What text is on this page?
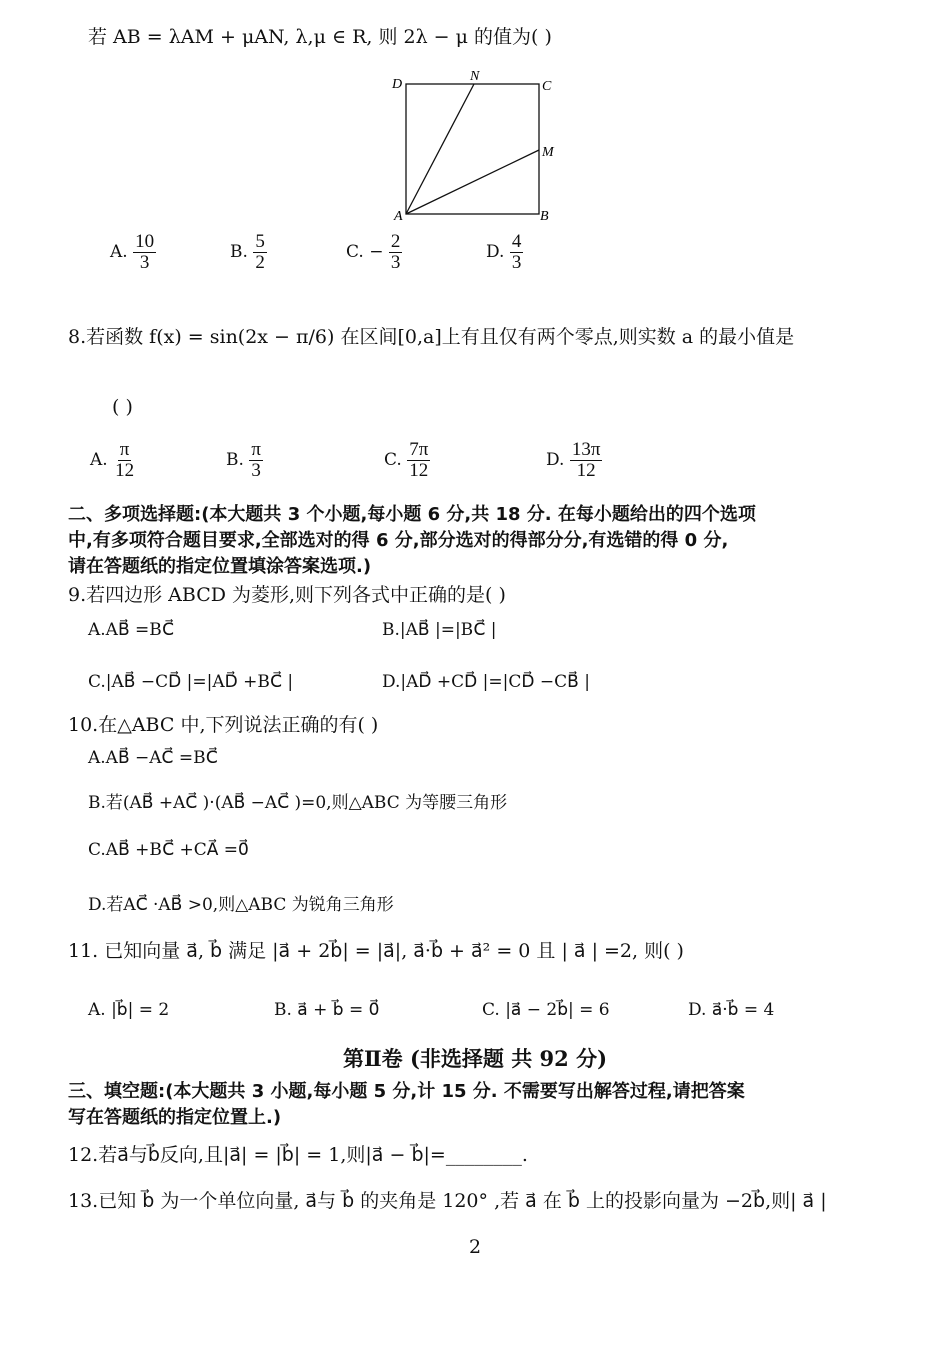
若 AB = λAM + μAN, λ,μ ∈ R, 则 2λ − μ 的值为( )
D
N
C
M
A	B
A. $\frac{10}{3}$	B. $\frac{5}{2}$	C. − $\frac{2}{3}$	D. $\frac{4}{3}$
8.若函数 f(x) = sin(2x − π/6) 在区间[0,a]上有且仅有两个零点,则实数 a 的最小值是
( )
A. $\frac{\pi}{12}$	B. $\frac{\pi}{3}$	C. $\frac{7\pi}{12}$	D. $\frac{13\pi}{12}$
二、多项选择题:(本大题共 3 个小题,每小题 6 分,共 18 分. 在每小题给出的四个选项
中,有多项符合题目要求,全部选对的得 6 分,部分选对的得部分分,有选错的得 0 分,
请在答题纸的指定位置填涂答案选项.)
9.若四边形 ABCD 为菱形,则下列各式中正确的是( )
A.AB⃗ =BC⃗	B.|AB⃗ |=|BC⃗ |
C.|AB⃗ −CD⃗ |=|AD⃗ +BC⃗ |	D.|AD⃗ +CD⃗ |=|CD⃗ −CB⃗ |
10.在△ABC 中,下列说法正确的有( )
A.AB⃗ −AC⃗ =BC⃗
B.若(AB⃗ +AC⃗ )·(AB⃗ −AC⃗ )=0,则△ABC 为等腰三角形
C.AB⃗ +BC⃗ +CA⃗ =0⃗
D.若AC⃗ ·AB⃗ >0,则△ABC 为锐角三角形
11. 已知向量 a⃗, b⃗ 满足 |a⃗ + 2b⃗| = |a⃗|, a⃗·b⃗ + a⃗² = 0 且 | a⃗ | =2, 则( )
A. |b⃗| = 2	B. a⃗ + b⃗ = 0⃗	C. |a⃗ − 2b⃗| = 6	D. a⃗·b⃗ = 4
第Ⅱ卷 (非选择题 共 92 分)
三、填空题:(本大题共 3 小题,每小题 5 分,计 15 分. 不需要写出解答过程,请把答案
写在答题纸的指定位置上.)
12.若a⃗与b⃗反向,且|a⃗| = |b⃗| = 1,则|a⃗ − b⃗|=________.
13.已知 b⃗ 为一个单位向量, a⃗与 b⃗ 的夹角是 120° ,若 a⃗ 在 b⃗ 上的投影向量为 −2b⃗,则| a⃗ |
2
